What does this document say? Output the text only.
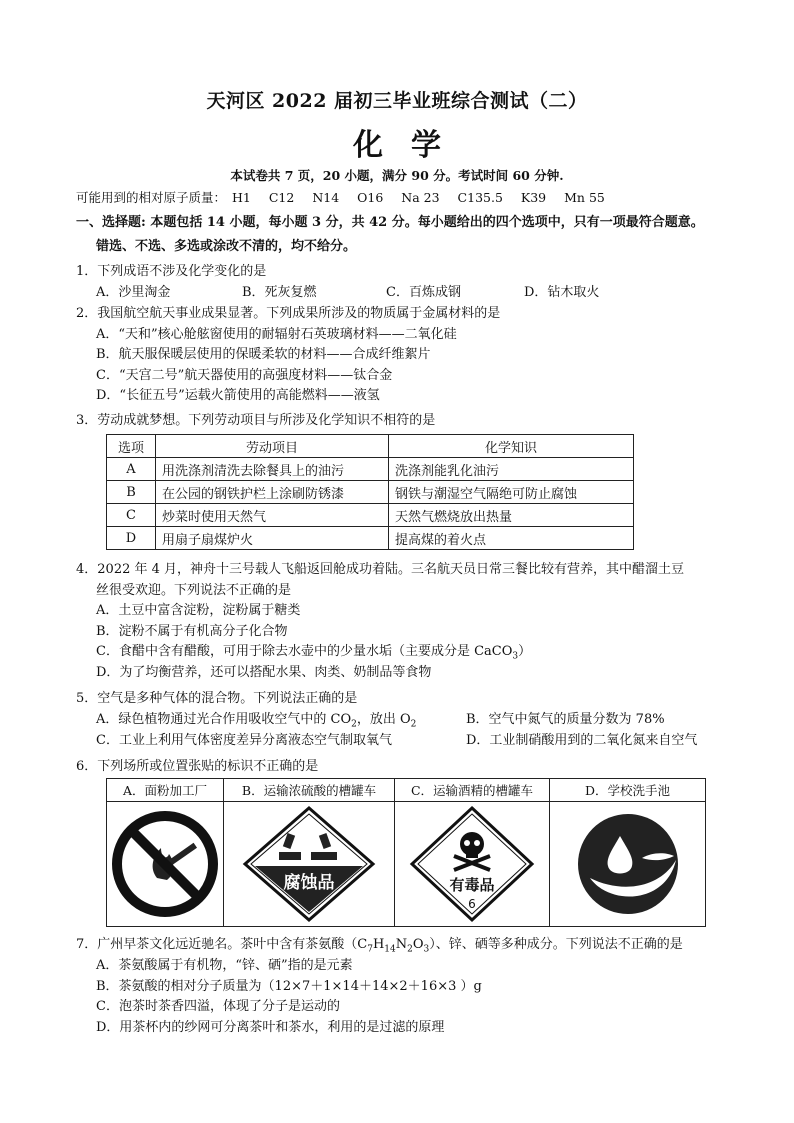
天河区 2022 届初三毕业班综合测试（二）
化学
本试卷共 7 页，20 小题，满分 90 分。考试时间 60 分钟.
可能用到的相对原子质量： H1 C12 N14 O16 Na 23 C135.5 K39 Mn 55
一、选择题: 本题包括 14 小题，每小题 3 分，共 42 分。每小题给出的四个选项中，只有一项最符合题意。
错选、不选、多选或涂改不清的，均不给分。
1．下列成语不涉及化学变化的是
A．沙里淘金	B．死灰复燃	C．百炼成钢	D．钻木取火
2．我国航空航天事业成果显著。下列成果所涉及的物质属于金属材料的是
A．“天和”核心舱舷窗使用的耐辐射石英玻璃材料——二氧化硅
B．航天服保暖层使用的保暖柔软的材料——合成纤维絮片
C．“天宫二号”航天器使用的高强度材料——钛合金
D．“长征五号”运载火箭使用的高能燃料——液氢
3．劳动成就梦想。下列劳动项目与所涉及化学知识不相符的是
选项	劳动项目	化学知识
A	用洗涤剂清洗去除餐具上的油污	洗涤剂能乳化油污
B	在公园的钢铁护栏上涂刷防锈漆	钢铁与潮湿空气隔绝可防止腐蚀
C	炒菜时使用天然气	天然气燃烧放出热量
D	用扇子扇煤炉火	提高煤的着火点
4．2022 年 4 月，神舟十三号载人飞船返回舱成功着陆。三名航天员日常三餐比较有营养，其中醋溜土豆
丝很受欢迎。下列说法不正确的是
A．土豆中富含淀粉，淀粉属于糖类
B．淀粉不属于有机高分子化合物
C．食醋中含有醋酸，可用于除去水壶中的少量水垢（主要成分是 CaCO$_3$）
D．为了均衡营养，还可以搭配水果、肉类、奶制品等食物
5．空气是多种气体的混合物。下列说法正确的是
A．绿色植物通过光合作用吸收空气中的 $CO_2$，放出 $O_2$	B．空气中氮气的质量分数为 78%
C．工业上利用气体密度差异分离液态空气制取氧气	D．工业制硝酸用到的二氧化氮来自空气
6．下列场所或位置张贴的标识不正确的是
A．面粉加工厂	B．运输浓硫酸的槽罐车	C．运输酒精的槽罐车	D．学校洗手池

腐蚀品	有毒品
6

7．广州早茶文化远近驰名。茶叶中含有茶氨酸$(C_7H_{14}N_2O_3)$、锌、硒等多种成分。下列说法不正确的是
A．茶氨酸属于有机物，“锌、硒”指的是元素
B．茶氨酸的相对分子质量为（12×7＋1×14＋14×2＋16×3 ）g
C．泡茶时茶香四溢，体现了分子是运动的
D．用茶杯内的纱网可分离茶叶和茶水，利用的是过滤的原理
